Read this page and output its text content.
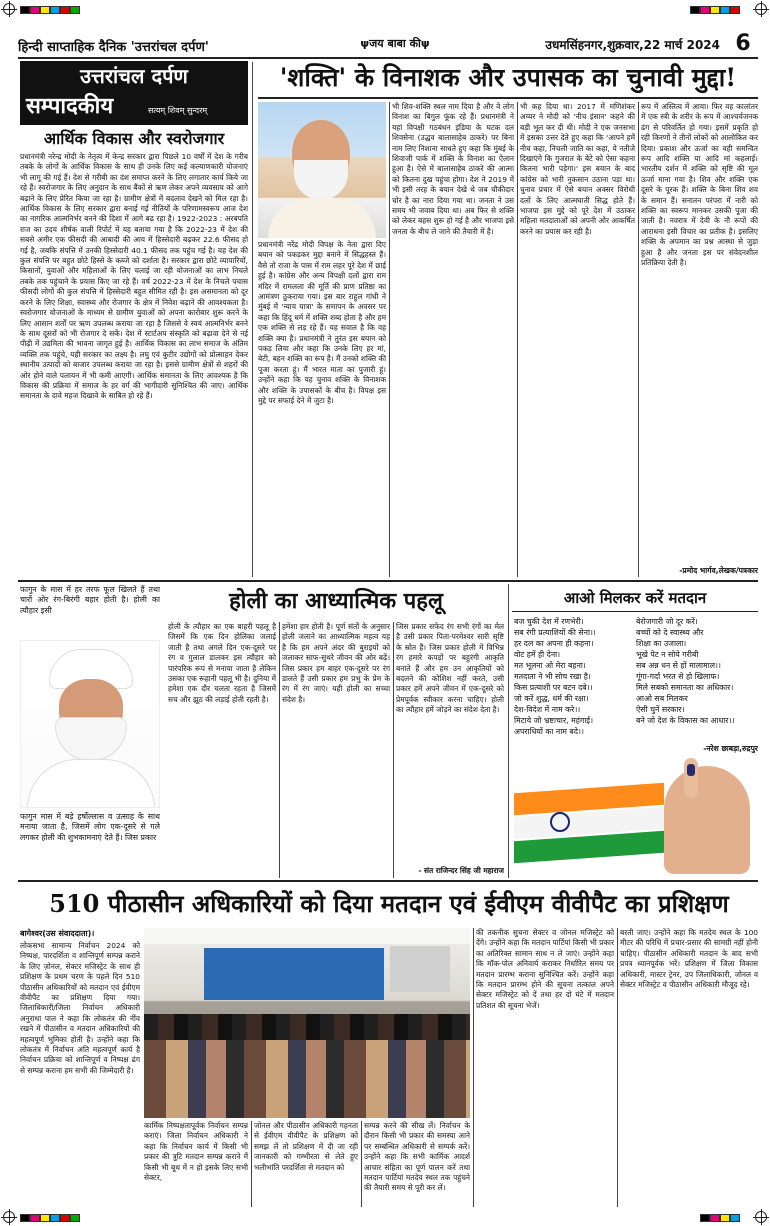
हिन्दी साप्ताहिक दैनिक 'उत्तरांचल दर्पण'	ψजय बाबा कीψ	उधमसिंहनगर,शुक्रवार,22 मार्च 2024 6
उत्तरांचल दर्पण
सम्पादकीय	सत्यम् शिवम् सुन्दरम्
आर्थिक विकास और स्वरोजगार
प्रधानमंत्री नरेन्द्र मोदी के नेतृत्व में केन्द्र सरकार द्वारा पिछले 10 वर्षों में देश के गरीब तबके के लोगों के आर्थिक विकास के साथ ही उनके लिए कई कल्याणकारी योजनाएं भी लागू की गई हैं। देश से गरीबी का दंश समाप्त करने के लिए लगातार कार्य किये जा रहे हैं। स्वरोजगार के लिए अनुदान के साथ बैंकों से ऋण लेकर अपने व्यवसाय को आगे बढ़ाने के लिए प्रेरित किया जा रहा है। ग्रामीण क्षेत्रों में बदलाव देखने को मिल रहा है। आर्थिक विकास के लिए सरकार द्वारा बनाई गई नीतियों के परिणामस्वरूप आज देश का नागरिक आत्मनिर्भर बनने की दिशा में आगे बढ़ रहा है। 1922-2023 : अरबपति राज का उदय शीर्षक वाली रिपोर्ट में यह बताया गया है कि 2022-23 में देश की सबसे अमीर एक फीसदी की आबादी की आय में हिस्सेदारी बढ़कर 22.6 फीसद हो गई है, जबकि संपत्ति में उनकी हिस्सेदारी 40.1 फीसद तक पहुंच गई है। यह देश की कुल संपत्ति पर बहुत छोटे हिस्से के कब्जे को दर्शाता है। सरकार द्वारा छोटे व्यापारियों, किसानों, युवाओं और महिलाओं के लिए चलाई जा रही योजनाओं का लाभ निचले तबके तक पहुंचाने के प्रयास किए जा रहे हैं। वर्ष 2022-23 में देश के निचले पचास फीसदी लोगों की कुल संपत्ति में हिस्सेदारी बहुत सीमित रही है। इस असमानता को दूर करने के लिए शिक्षा, स्वास्थ्य और रोजगार के क्षेत्र में निवेश बढ़ाने की आवश्यकता है। स्वरोजगार योजनाओं के माध्यम से ग्रामीण युवाओं को अपना कारोबार शुरू करने के लिए आसान शर्तों पर ऋण उपलब्ध कराया जा रहा है जिससे वे स्वयं आत्मनिर्भर बनने के साथ दूसरों को भी रोजगार दे सकें। देश में स्टार्टअप संस्कृति को बढ़ावा देने से नई पीढ़ी में उद्यमिता की भावना जागृत हुई है। आर्थिक विकास का लाभ समाज के अंतिम व्यक्ति तक पहुंचे, यही सरकार का लक्ष्य है। लघु एवं कुटीर उद्योगों को प्रोत्साहन देकर स्थानीय उत्पादों को बाजार उपलब्ध कराया जा रहा है। इससे ग्रामीण क्षेत्रों से शहरों की ओर होने वाले पलायन में भी कमी आएगी। आर्थिक समानता के लिए आवश्यक है कि विकास की प्रक्रिया में समाज के हर वर्ग की भागीदारी सुनिश्चित की जाए। आर्थिक समानता के दावे महज दिखावे के साबित हो रहे हैं।
'शक्ति' के विनाशक और उपासक का चुनावी मुद्दा!
प्रधानमंत्री नरेंद्र मोदी विपक्ष के नेता द्वारा दिए बयान को पकड़कर मुद्दा बनाने में सिद्धहस्त हैं। वैसे तो राजा के पास में राम लहर पूरे देश में छाई हुई है। कांग्रेस और अन्य विपक्षी दलों द्वारा राम मंदिर में रामलला की मूर्ति की प्राण प्रतिष्ठा का आमंत्रण ठुकराया गया। इस बार राहुल गांधी ने मुंबई में 'न्याय यात्रा' के समापन के अवसर पर कहा कि हिंदू धर्म में शक्ति शब्द होता है और हम एक शक्ति से लड़ रहे हैं। यह सवाल है कि वह शक्ति क्या है। प्रधानमंत्री ने तुरंत इस बयान को पकड़ लिया और कहा कि उनके लिए हर मां, बेटी, बहन शक्ति का रूप है। मैं उनको शक्ति की पूजा करता हूं। मैं भारत माता का पुजारी हूं। उन्होंने कहा कि यह चुनाव शक्ति के विनाशक और शक्ति के उपासकों के बीच है। विपक्ष इस मुद्दे पर सफाई देने में जुटा है।
भी शिव-शक्ति स्थल नाम दिया है और वे लोग विनाश का बिगुल फूंक रहे हैं। प्रधानमंत्री ने यहां विपक्षी गठबंधन इंडिया के घटक दल शिवसेना (उद्धव बालासाहेब ठाकरे) पर बिना नाम लिए निशाना साधते हुए कहा कि मुंबई के शिवाजी पार्क में शक्ति के विनाश का ऐलान हुआ है। ऐसे में बालासाहेब ठाकरे की आत्मा को कितना दुख पहुंचा होगा। देश ने 2019 में भी इसी तरह के बयान देखे थे जब चौकीदार चोर है का नारा दिया गया था। जनता ने उस समय भी जवाब दिया था। अब फिर से शक्ति को लेकर बहस शुरू हो गई है और भाजपा इसे जनता के बीच ले जाने की तैयारी में है।
भी कह दिया था। 2017 में मणिशंकर अय्यर ने मोदी को 'नीच इंसान' कहने की बड़ी भूल कर दी थी। मोदी ने एक जनसभा में इसका उत्तर देते हुए कहा कि 'आपने हमें नीच कहा, निचली जाति का कहा, ये नतीजे दिखाएंगे कि गुजरात के बेटे को ऐसा कहना कितना भारी पड़ेगा।' इस बयान के बाद कांग्रेस को भारी नुकसान उठाना पड़ा था। चुनाव प्रचार में ऐसे बयान अक्सर विरोधी दलों के लिए आत्मघाती सिद्ध होते हैं। भाजपा इस मुद्दे को पूरे देश में उठाकर महिला मतदाताओं को अपनी ओर आकर्षित करने का प्रयास कर रही है।
रूप में अस्तित्व में आया। फिर वह कालांतर में एक स्त्री के शरीर के रूप में आश्चर्यजनक ढंग से परिवर्तित हो गया। इसमें प्रकृति हो रही किरणों ने तीनों लोकों को आलोकित कर दिया। प्रकाश और ऊर्जा का वही समन्वित रूप आदि शक्ति या आदि मां कहलाई। भारतीय दर्शन में शक्ति को सृष्टि की मूल ऊर्जा माना गया है। शिव और शक्ति एक दूसरे के पूरक हैं। शक्ति के बिना शिव शव के समान हैं। सनातन परंपरा में नारी को शक्ति का स्वरूप मानकर उसकी पूजा की जाती है। नवरात्र में देवी के नौ रूपों की आराधना इसी विचार का प्रतीक है। इसलिए शक्ति के अपमान का प्रश्न आस्था से जुड़ा हुआ है और जनता इस पर संवेदनशील प्रतिक्रिया देती है।
-प्रमोद भार्गव,लेखक/पत्रकार
फागुन के मास में हर तरफ फूल खिलते हैं तथा चारों ओर रंग-बिरंगी बहार होती है। होली का त्यौहार इसी
फागुन मास में बड़े हर्षोल्लास व उत्साह के साथ मनाया जाता है, जिसमें लोग एक-दूसरे से गले लगकर होली की शुभकामनाएं देते हैं। जिस प्रकार
होली का आध्यात्मिक पहलू
होली के त्यौहार का एक बाहरी पहलू है जिसमें कि एक दिन होलिका जलाई जाती है तथा अगले दिन एक-दूसरे पर रंग व गुलाल डालकर इस त्यौहार को पारंपरिक रूप से मनाया जाता है लेकिन उसका एक रूहानी पहलू भी है। दुनिया में हमेशा एक दौर चलता रहता है जिसमें सच और झूठ की लड़ाई होती रहती है।
हमेशा हार होती है। पूर्ण संतों के अनुसार होली जलाने का आध्यात्मिक महत्व यह है कि हम अपने अंदर की बुराइयों को जलाकर साफ-सुथरे जीवन की ओर बढ़ें। जिस प्रकार हम बाहर एक-दूसरे पर रंग डालते हैं उसी प्रकार हम प्रभु के प्रेम के रंग में रंग जाएं। यही होली का सच्चा संदेश है।
जिस प्रकार सफेद रंग सभी रंगों का मेल है उसी प्रकार पिता-परमेश्वर सारी सृष्टि के स्रोत हैं। जिस प्रकार होली में विभिन्न रंग हमारे कपड़ों पर बहुरंगी आकृति बनाते हैं और हम उन आकृतियों को बदलने की कोशिश नहीं करते, उसी प्रकार हमें अपने जीवन में एक-दूसरे को प्रेमपूर्वक स्वीकार करना चाहिए। होली का त्यौहार हमें जोड़ने का संदेश देता है।
- संत राजिन्दर सिंह जी महाराज
आओ मिलकर करें मतदान
बज चुकी देश में रणभेरी।
सब रंगी प्रत्याशियों की सेना।।
हर दल का अपना ही कहना।
वोट हमें ही देना।
मत भूलना ओ मेरा बहना।
मतदाता ने भी सोच रखा है।
किस प्रत्याशी पर बटन दबे।।
जो करें शुद्ध, धर्म की रक्षा।
देश-विदेश में नाम करे।।
मिटाये जो भ्रष्टाचार, महंगाई।
अपराधियों का नाम बदे।।
बेरोजगारी जो दूर करें।
बच्चों को दे स्वास्थ्य और
शिक्षा का उजाला।
भूखे पेट न सोये गरीबी
सब अन्न धन से हों मालामाल।।
गूंगा-गर्दा भरत से हो खिलाफ।
मिले सबको समानता का अधिकार।
आओ सब मिलकर
ऐसी चुनें सरकार।
बने जो देश के विकास का आधार।।
-नरेश छाबड़ा,रुद्रपुर
510 पीठासीन अधिकारियों को दिया मतदान एवं ईवीएम वीवीपैट का प्रशिक्षण
बागेश्वर(उस संवाददाता)।
लोकसभा सामान्य निर्वाचन 2024 को निष्पक्ष, पारदर्शिता व शान्तिपूर्ण सम्पन्न कराने के लिए ज़ोनल, सेक्टर मजिस्ट्रेट के साथ ही प्रशिक्षण के प्रथम चरण के पहले दिन 510 पीठासीन अधिकारियों को मतदान एवं ईवीएम वीवीपैट का प्रशिक्षण दिया गया। जिलाधिकारी/जिला निर्वाचन अधिकारी अनुराधा पाल ने कहा कि लोकतंत्र की नींव रखने में पीठासीन व मतदान अधिकारियों की महत्वपूर्ण भूमिका होती है। उन्होंने कहा कि लोकतंत्र में निर्वाचन अति महत्वपूर्ण कार्य है निर्वाचन प्रक्रिया को शान्तिपूर्ण व निष्पक्ष ढंग से सम्पन्न कराना हम सभी की जिम्मेदारी है।
कार्मिक निष्पक्षतापूर्वक निर्वाचन सम्पन्न कराएं। जिला निर्वाचन अधिकारी ने कहा कि निर्वाचन कार्य में किसी भी प्रकार की त्रुटि मतदान सम्पन्न कराने में किसी भी बूथ में न हो इसके लिए सभी सेक्टर,
जोनल और पीठासीन अधिकारी गहनता से ईवीएम वीवीपैट के प्रशिक्षण को समझ लें तो प्रशिक्षण में दी जा रही जानकारी को गम्भीरता से लेते हुए भलीभांति परदर्शिता से मतदान को
सम्पन्न करने की सीख लें। निर्वाचन के दौरान किसी भी प्रकार की समस्या आने पर सम्बन्धित अधिकारी से सम्पर्क करें। उन्होंने कहा कि सभी कार्मिक आदर्श आचार संहिता का पूर्ण पालन करें तथा मतदान पार्टियां मतदेय स्थल तक पहुंचने की तैयारी समय से पूरी कर लें।
की तकनीक सुचना सेक्टर व जोनल मजिस्ट्रेट को देंगे। उन्होंने कहा कि मतदान पार्टियां किसी भी प्रकार का अतिरिक्त सामान साथ न ले जाएं। उन्होंने कहा कि मॉक-पोल अनिवार्य कराकर निर्धारित समय पर मतदान प्रारम्भ कराना सुनिश्चित करें। उन्होंने कहा कि मतदान प्रारम्भ होने की सूचना तत्काल अपने सेक्टर मजिस्ट्रेट को दें तथा हर दो घंटे में मतदान प्रतिशत की सूचना भेजें।
बरती जाए। उन्होंने कहा कि मतदेय स्थल के 100 मीटर की परिधि में प्रचार-प्रसार की सामग्री नहीं होनी चाहिए। पीठासीन अधिकारी मतदान के बाद सभी प्रपत्र ध्यानपूर्वक भरें। प्रशिक्षण में जिला विकास अधिकारी, मास्टर ट्रेनर, उप जिलाधिकारी, जोनल व सेक्टर मजिस्ट्रेट व पीठासीन अधिकारी मौजूद रहे।
